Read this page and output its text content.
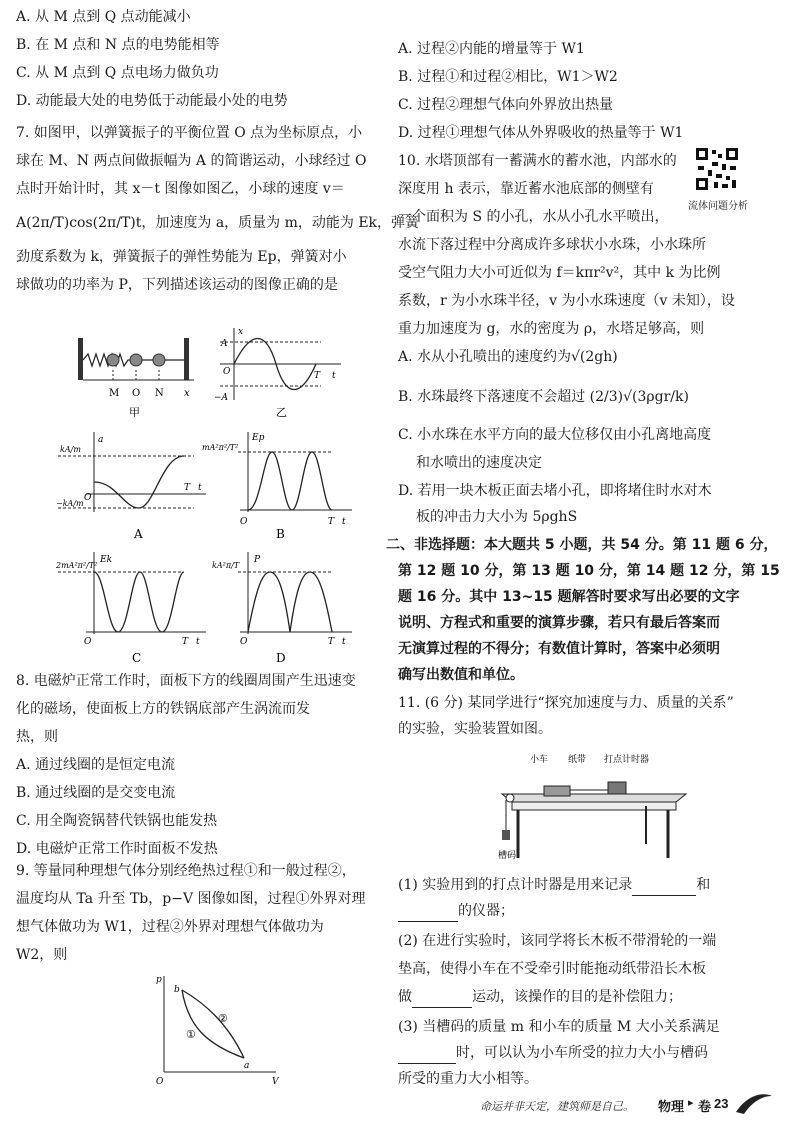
A. 从 M 点到 Q 点动能减小
B. 在 M 点和 N 点的电势能相等
C. 从 M 点到 Q 点电场力做负功
D. 动能最大处的电势低于动能最小处的电势
7. 如图甲，以弹簧振子的平衡位置 O 点为坐标原点，小
球在 M、N 两点间做振幅为 A 的简谐运动，小球经过 O
点时开始计时，其 x－t 图像如图乙，小球的速度 v＝
A(2π/T)cos(2π/T)t，加速度为 a，质量为 m，动能为 Ek，弹簧
劲度系数为 k，弹簧振子的弹性势能为 Ep，弹簧对小
球做功的功率为 P，下列描述该运动的图像正确的是
M O N x
甲
x
A
O
−A
T t
乙
a
kA/m
−kA/m
O
T t
A
Ep
mA²π²/T²
O	T t
B
Ek
2mA²π²/T²
O	T t
C
P
kA²π/T
O	T t
D
8. 电磁炉正常工作时，面板下方的线圈周围产生迅速变
化的磁场，使面板上方的铁锅底部产生涡流而发
热，则
A. 通过线圈的是恒定电流
B. 通过线圈的是交变电流
C. 用全陶瓷锅替代铁锅也能发热
D. 电磁炉正常工作时面板不发热
9. 等量同种理想气体分别经绝热过程①和一般过程②，
温度均从 Ta 升至 Tb，p−V 图像如图，过程①外界对理
想气体做功为 W1，过程②外界对理想气体做功为
W2，则
p
V
O
a
b
①
②
A. 过程②内能的增量等于 W1
B. 过程①和过程②相比，W1＞W2
C. 过程②理想气体向外界放出热量
D. 过程①理想气体从外界吸收的热量等于 W1
10. 水塔顶部有一蓄满水的蓄水池，内部水的
深度用 h 表示，靠近蓄水池底部的侧壁有
一个面积为 S 的小孔，水从小孔水平喷出，
流体问题分析
水流下落过程中分离成许多球状小水珠，小水珠所
受空气阻力大小可近似为 f＝kπr²v²，其中 k 为比例
系数，r 为小水珠半径，v 为小水珠速度（v 未知），设
重力加速度为 g，水的密度为 ρ，水塔足够高，则
A. 水从小孔喷出的速度约为√(2gh)
B. 水珠最终下落速度不会超过 (2/3)√(3ρgr/k)
C. 小水珠在水平方向的最大位移仅由小孔离地高度
和水喷出的速度决定
D. 若用一块木板正面去堵小孔，即将堵住时水对木
板的冲击力大小为 5ρghS
二、非选择题：本大题共 5 小题，共 54 分。第 11 题 6 分，
第 12 题 10 分，第 13 题 10 分，第 14 题 12 分，第 15
题 16 分。其中 13~15 题解答时要求写出必要的文字
说明、方程式和重要的演算步骤，若只有最后答案而
无演算过程的不得分；有数值计算时，答案中必须明
确写出数值和单位。
11. (6 分) 某同学进行“探究加速度与力、质量的关系”
的实验，实验装置如图。
小车 纸带 打点计时器
槽码
(1) 实验用到的打点计时器是用来记录	和
的仪器；
(2) 在进行实验时，该同学将长木板不带滑轮的一端
垫高，使得小车在不受牵引时能拖动纸带沿长木板
做	运动，该操作的目的是补偿阻力；
(3) 当槽码的质量 m 和小车的质量 M 大小关系满足
时，可以认为小车所受的拉力大小与槽码
所受的重力大小相等。
命运并非天定，建筑师是自己。 物理 ▸ 卷 23
